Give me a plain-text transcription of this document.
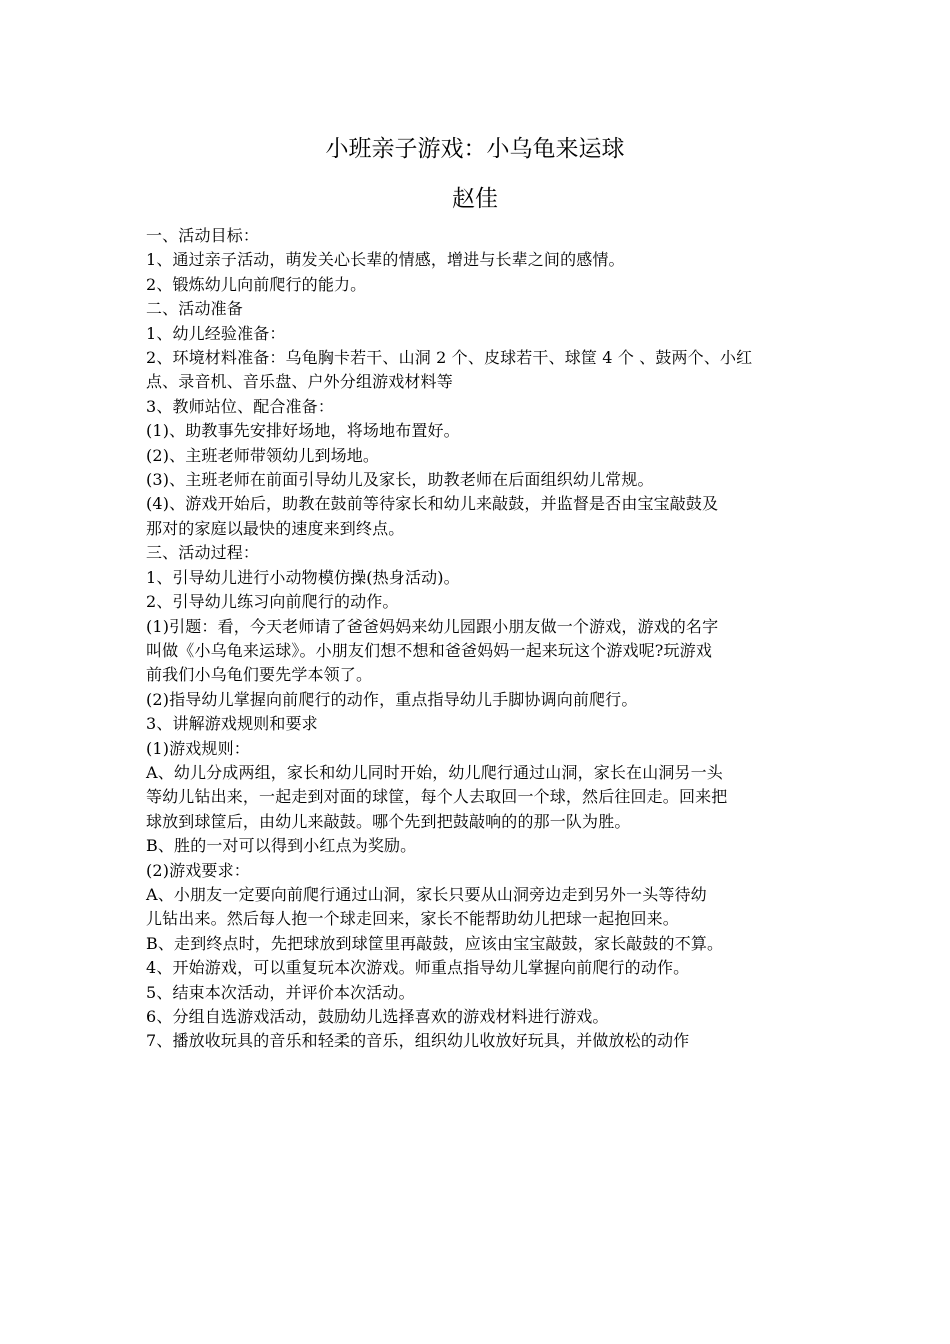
小班亲子游戏：小乌龟来运球
赵佳

一、活动目标：

1、通过亲子活动，萌发关心长辈的情感，增进与长辈之间的感情。

2、锻炼幼儿向前爬行的能力。

二、活动准备

1、幼儿经验准备：

2、环境材料准备：乌龟胸卡若干、山洞 2 个、皮球若干、球筐 4 个 、鼓两个、小红

点、录音机、音乐盘、户外分组游戏材料等

3、教师站位、配合准备：

(1)、助教事先安排好场地，将场地布置好。

(2)、主班老师带领幼儿到场地。

(3)、主班老师在前面引导幼儿及家长，助教老师在后面组织幼儿常规。

(4)、游戏开始后，助教在鼓前等待家长和幼儿来敲鼓，并监督是否由宝宝敲鼓及

那对的家庭以最快的速度来到终点。

三、活动过程：

1、引导幼儿进行小动物模仿操(热身活动)。

2、引导幼儿练习向前爬行的动作。

(1)引题：看，今天老师请了爸爸妈妈来幼儿园跟小朋友做一个游戏，游戏的名字

叫做《小乌龟来运球》。小朋友们想不想和爸爸妈妈一起来玩这个游戏呢?玩游戏

前我们小乌龟们要先学本领了。

(2)指导幼儿掌握向前爬行的动作，重点指导幼儿手脚协调向前爬行。

3、讲解游戏规则和要求

(1)游戏规则：

A、幼儿分成两组，家长和幼儿同时开始，幼儿爬行通过山洞，家长在山洞另一头

等幼儿钻出来，一起走到对面的球筐，每个人去取回一个球，然后往回走。回来把

球放到球筐后，由幼儿来敲鼓。哪个先到把鼓敲响的的那一队为胜。

B、胜的一对可以得到小红点为奖励。

(2)游戏要求：

A、小朋友一定要向前爬行通过山洞，家长只要从山洞旁边走到另外一头等待幼

儿钻出来。然后每人抱一个球走回来，家长不能帮助幼儿把球一起抱回来。

B、走到终点时，先把球放到球筐里再敲鼓，应该由宝宝敲鼓，家长敲鼓的不算。

4、开始游戏，可以重复玩本次游戏。师重点指导幼儿掌握向前爬行的动作。

5、结束本次活动，并评价本次活动。

6、分组自选游戏活动，鼓励幼儿选择喜欢的游戏材料进行游戏。

7、播放收玩具的音乐和轻柔的音乐，组织幼儿收放好玩具，并做放松的动作
